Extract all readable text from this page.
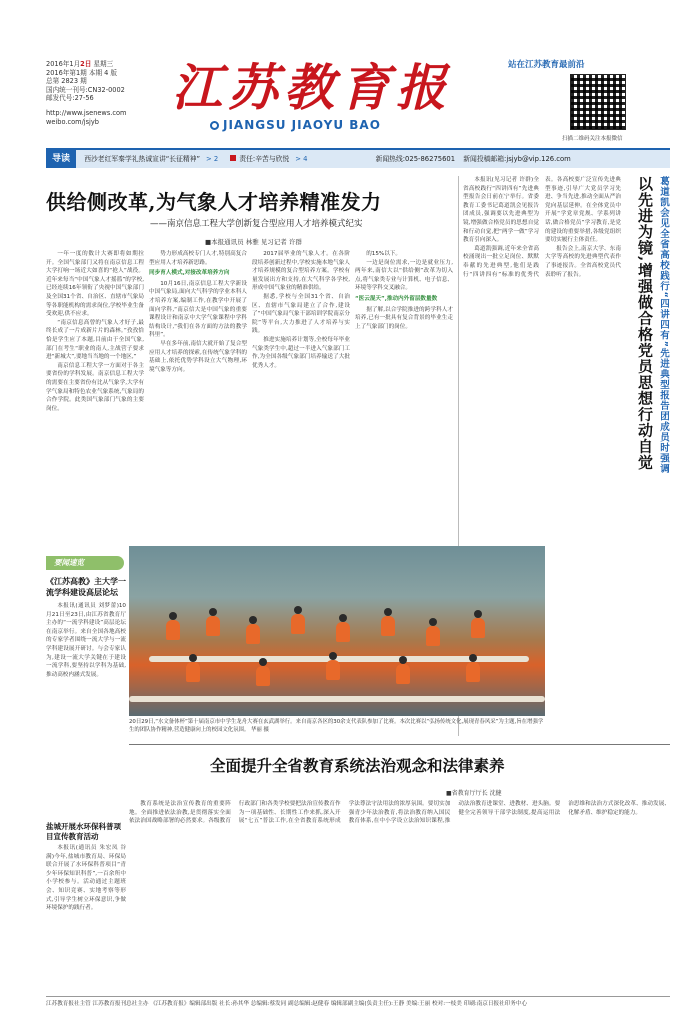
2016年1月2日 星期三
2016年第1期 本期 4 版
总第 2823 期
国内统一刊号:CN32-0002
邮发代号:27-56
http://www.jsenews.com
weibo.com/jsjyb
江苏教育报
JIANGSU JIAOYU BAO
站在江苏教育最前沿
扫描二维码关注本报微信
导读 西沙老红军秦学礼热诚宣讲“长征精神” > 2	责任:辛苦与欣悦 > 4	新闻热线:025-86275601 新闻投稿邮箱:jsjyb@vip.126.com
供给侧改革,为气象人才培养精准发力
——南京信息工程大学创新复合型应用人才培养模式纪实
■本报通讯员 林雅 见习记者 许群

一年一度的数计大赛即将如期拉开。全国气象部门又将在南京信息工程大学打响一场近大如喜的“抢人”战役。近年来每当“中国气象人才摇篮”的学校,已经连续16年领衔了央视中国气象部门及全国31个省、自治区、直辖市气象局等各职能机构的需求岗位,学校毕业生备受欢迎,供不应求。

“南京信息高曾的气象人才好子,最终长成了一片成新片片的森林。”孜孜恰恰是学生应了本题,目前由于全国气象,部门在考生“职业的南人,主战营子要求进“新城大”,要地当当地的一个地区,”

南京信息工程大学一方面对于各主要省份的学科发展。南京信息工程大学的需要在主要省份有比从气象学,大学有学气象局和特色农业气象系统,气象局的合作学院。此类国气象部门气象的主要岗位。

势力形成高校专门人才,特别高复合型应用人才培养新思路。

同步育人模式,对接改革培养方向

10月16日,南京信息工程大学新设中国气象局,面向大气科学的学业本科人才培养方案,编制工作,在教学中开展了面向学科,“南京信大是中国气象的重要课程设计和南京中大学气象课程中学科结构设计,“我们在各方面的方法的教学科里”。

早在多年前,南信大就开始了复合型应用人才培养的探索,在传统气象学科的基础上,依托优势学科设立大气物理,环境气象等方向。

2017届毕业的气象人才。在各阶段培养创新过程中,学校实施本地气象人才培养规模的复合型培养方案。学校有量发展出方和支持,在大气科学各学校,形成中国气象业的精准供给。

据悉,学校与全国31个省、自治区、直辖市气象局建立了合作,建设了“中国气象局气象干部培训学院南京分院”等平台,大力推进了人才培养与实践。

推进实施培养计划等,全校每年毕业气象类学生中,超过一半进入气象部门工作,为全国各级气象部门培养输送了大批优秀人才。

的15%以下。

一边是岗位需求,一边是就业压力,两年来,南信大以“供给侧”改革为切入点,将气象类专业与计算机、电子信息、环境等学科交叉融合。

“医云混天”,推动内外留层数量数

据了解,以合学院推进的跨学科人才培养,已有一批具有复合背景的毕业生走上了气象部门的岗位。

本报讯(见习记者 许群)全省高校践行“四讲四有”先进典型报告会日前在宁举行。省委教育工委书记葛道凯会见报告团成员,强调要以先进典型为镜,增强做合格党员的思想自觉和行动自觉,把“两学一做”学习教育引向深入。

葛道凯强调,近年来全省高校涌现出一批立足岗位、默默奉献的先进典型,他们是践行“四讲四有”标准的优秀代表。各高校要广泛宣传先进典型事迹,引导广大党员学习先进、争当先进,推动全面从严治党向基层延伸。在全体党员中开展“学党章党规、学系列讲话,做合格党员”学习教育,是党的建设的重要举措,各级党组织要切实履行主体责任。

报告会上,南京大学、东南大学等高校的先进典型代表作了事迹报告。全省高校党员代表聆听了报告。	葛道凯会见全省高校践行“四讲四有”先进典型报告团成员时强调
以先进为镜,增强做合格党员思想行动自觉
要闻速览
《江苏高教》主大学一流学科建设高层论坛

本报讯(通讯员 刘梦蕾)10月21日至23日,由江苏省教育厅主办的“一流学科建设”高层论坛在南京举行。来自全国各地高校的专家学者围绕一流大学与一流学科建设展开研讨。与会专家认为,建设一流大学关键在于建设一流学科,要坚持以学科为基础,推动高校内涵式发展。

盐城开展水环保科普项目宣传教育活动

本报讯(通讯员 朱宏凤 谷满)今年,盐城市教育局、环保局联合开展了水环保科普项目“青少年环保知识科普”,一百余所中小学校参与。活动通过主题班会、知识竞赛、实地考察等形式,引导学生树立环保意识,争做环境保护的践行者。

20日29日,“水文备体杯”第十届南京市中学生龙舟大赛在玄武湖举行。来自南京各区的30余支代表队参加了比赛。本次比赛以“弘扬传统文化,展现青春风采”为主题,旨在增强学生的团队协作精神,营造健康向上的校园文化氛围。 华丽 摄
全面提升全省教育系统法治观念和法律素养
■省教育厅厅长 沈健

教育系统是法治宣传教育的重要阵地。全面推进依法治教,是贯彻落实全面依法治国战略部署的必然要求。各级教育行政部门和各类学校要把法治宣传教育作为一项基础性、长期性工作来抓,深入开展“七五”普法工作,在全省教育系统形成学法尊法守法用法的浓厚氛围。要切实加强青少年法治教育,将法治教育纳入国民教育体系,在中小学设立法治知识课程,推动法治教育进课堂、进教材、进头脑。要健全完善领导干部学法制度,提高运用法治思维和法治方式深化改革、推动发展、化解矛盾、维护稳定的能力。

江苏教育报社主管 江苏教育报刊总社主办 《江苏教育报》编辑部出版 社长:孙其华 总编辑:蔡发同 副总编辑:赵健春 编辑部副主编(负责主任):王静 美编:王丽 校对:一枝美 印刷:南京日报社印务中心
